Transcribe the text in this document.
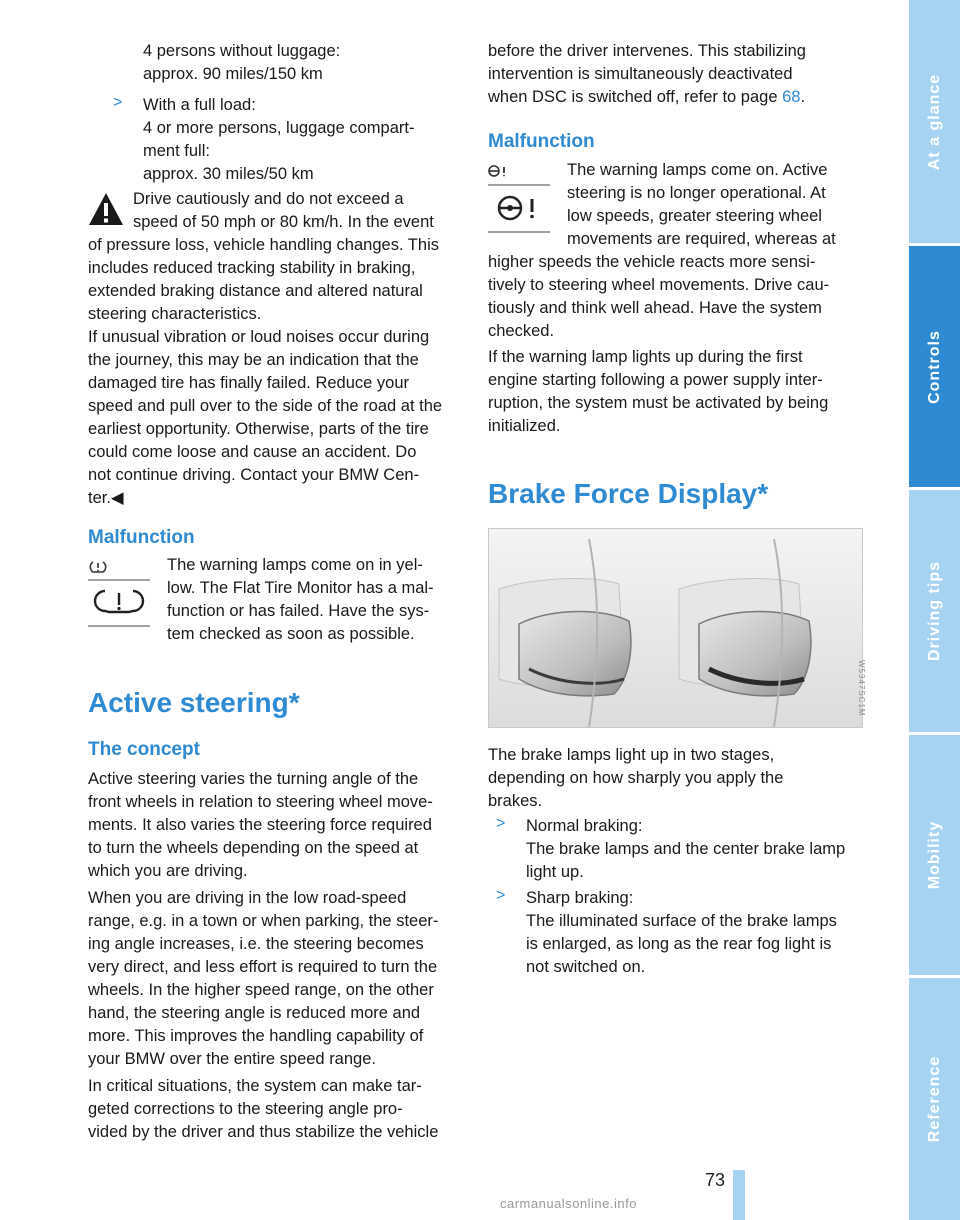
4 persons without luggage:
approx. 90 miles/150 km
> With a full load:
4 or more persons, luggage compart-
ment full:
approx. 30 miles/50 km
Drive cautiously and do not exceed a
speed of 50 mph or 80 km/h. In the event
of pressure loss, vehicle handling changes. This
includes reduced tracking stability in braking,
extended braking distance and altered natural
steering characteristics.
If unusual vibration or loud noises occur during
the journey, this may be an indication that the
damaged tire has finally failed. Reduce your
speed and pull over to the side of the road at the
earliest opportunity. Otherwise, parts of the tire
could come loose and cause an accident. Do
not continue driving. Contact your BMW Cen-
ter.◀
Malfunction
The warning lamps come on in yel-
low. The Flat Tire Monitor has a mal-
function or has failed. Have the sys-
tem checked as soon as possible.
Active steering*
The concept
Active steering varies the turning angle of the
front wheels in relation to steering wheel move-
ments. It also varies the steering force required
to turn the wheels depending on the speed at
which you are driving.
When you are driving in the low road-speed
range, e.g. in a town or when parking, the steer-
ing angle increases, i.e. the steering becomes
very direct, and less effort is required to turn the
wheels. In the higher speed range, on the other
hand, the steering angle is reduced more and
more. This improves the handling capability of
your BMW over the entire speed range.
In critical situations, the system can make tar-
geted corrections to the steering angle pro-
vided by the driver and thus stabilize the vehicle
before the driver intervenes. This stabilizing
intervention is simultaneously deactivated
when DSC is switched off, refer to page 68.
Malfunction
The warning lamps come on. Active
steering is no longer operational. At
low speeds, greater steering wheel
movements are required, whereas at
higher speeds the vehicle reacts more sensi-
tively to steering wheel movements. Drive cau-
tiously and think well ahead. Have the system
checked.
If the warning lamp lights up during the first
engine starting following a power supply inter-
ruption, the system must be activated by being
initialized.
Brake Force Display*
The brake lamps light up in two stages,
depending on how sharply you apply the
brakes.
> Normal braking:
The brake lamps and the center brake lamp
light up.
> Sharp braking:
The illuminated surface of the brake lamps
is enlarged, as long as the rear fog light is
not switched on.
W5347SC1M
At a glance
Controls
Driving tips
Mobility
Reference
73
carmanualsonline.info
